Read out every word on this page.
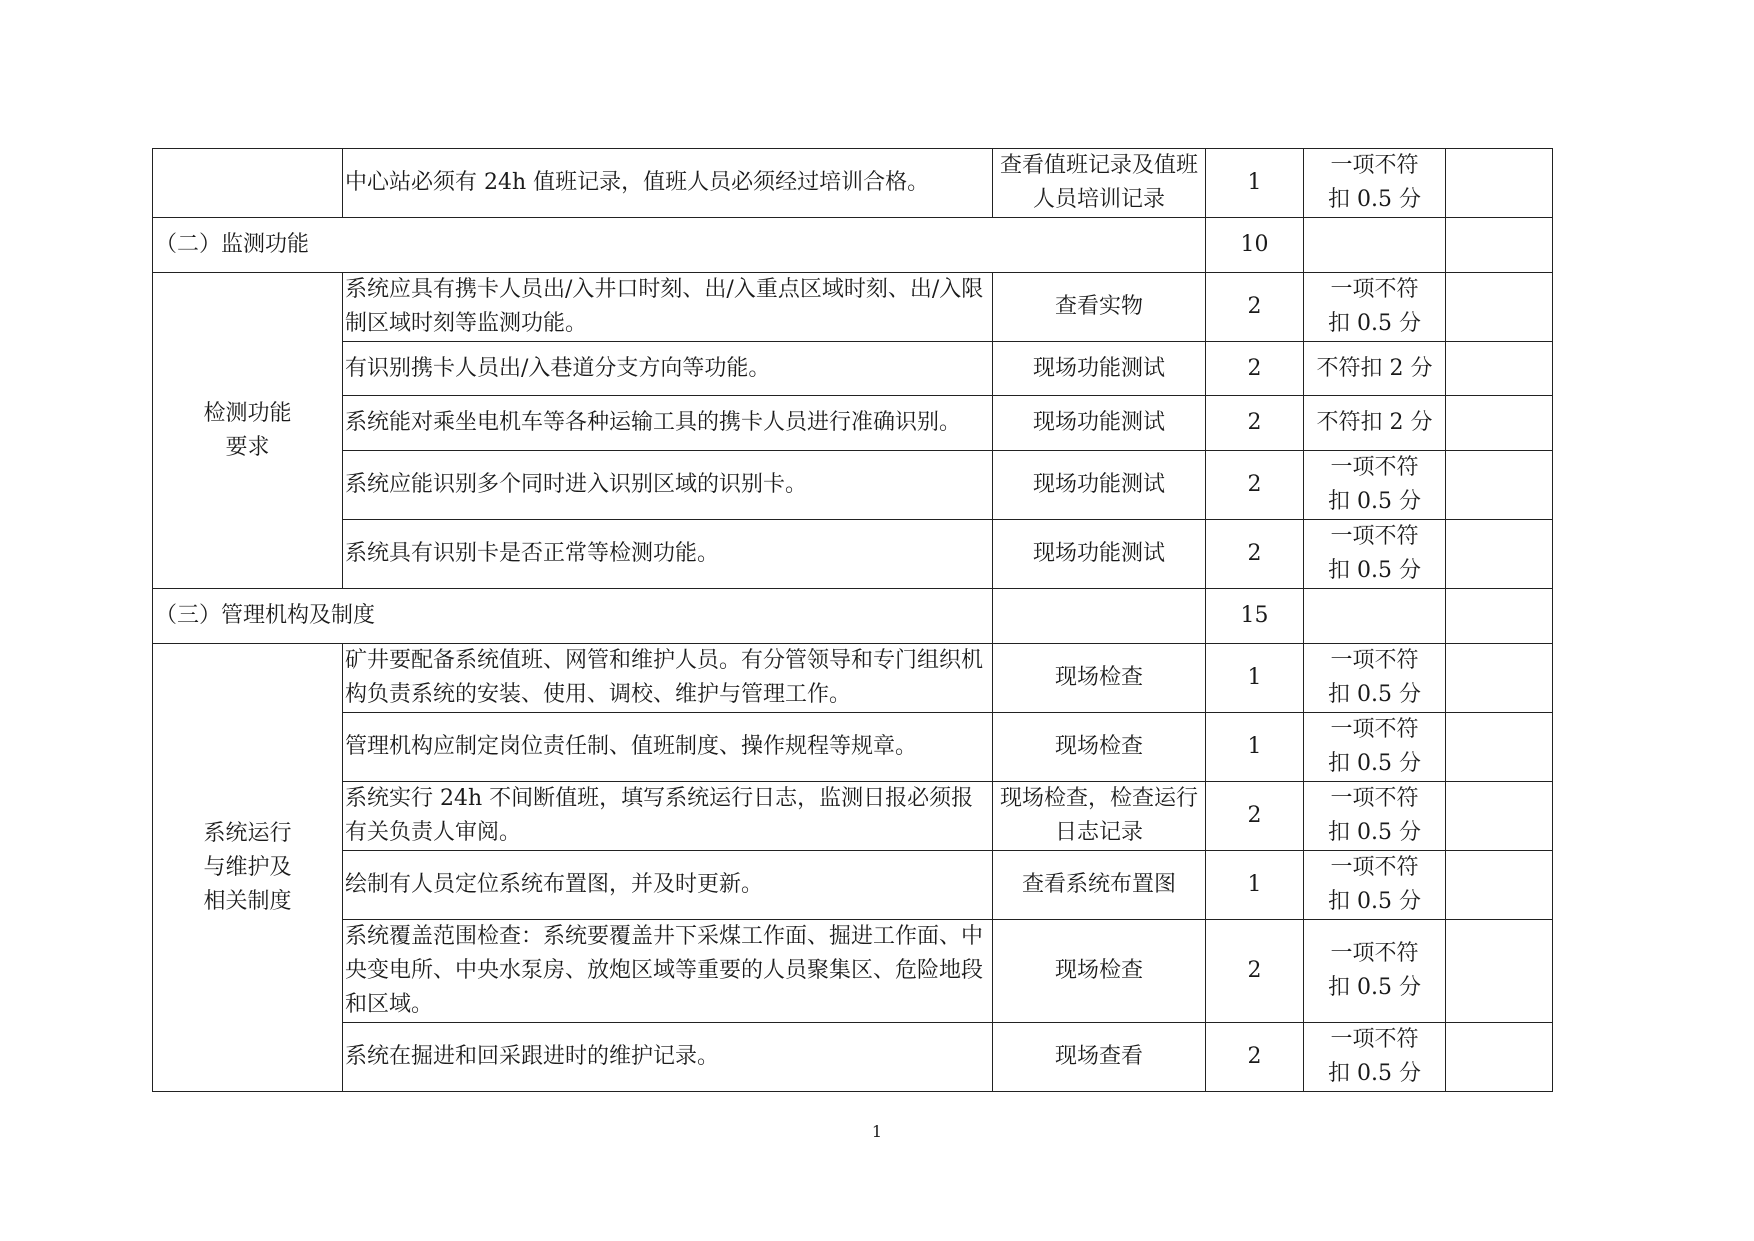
	中心站必须有 24h 值班记录，值班人员必须经过培训合格。	查看值班记录及值班
人员培训记录	1	一项不符
扣 0.5 分	
（二）监测功能			10		
检测功能
要求	系统应具有携卡人员出/入井口时刻、出/入重点区域时刻、出/入限制区域时刻等监测功能。	查看实物	2	一项不符
扣 0.5 分	
	有识别携卡人员出/入巷道分支方向等功能。	现场功能测试	2	不符扣 2 分	
	系统能对乘坐电机车等各种运输工具的携卡人员进行准确识别。	现场功能测试	2	不符扣 2 分	
	系统应能识别多个同时进入识别区域的识别卡。	现场功能测试	2	一项不符
扣 0.5 分	
	系统具有识别卡是否正常等检测功能。	现场功能测试	2	一项不符
扣 0.5 分	
（三）管理机构及制度			15		
系统运行
与维护及
相关制度	矿井要配备系统值班、网管和维护人员。有分管领导和专门组织机构负责系统的安装、使用、调校、维护与管理工作。	现场检查	1	一项不符
扣 0.5 分	
	管理机构应制定岗位责任制、值班制度、操作规程等规章。	现场检查	1	一项不符
扣 0.5 分	
	系统实行 24h 不间断值班，填写系统运行日志，监测日报必须报有关负责人审阅。	现场检查，检查运行
日志记录	2	一项不符
扣 0.5 分	
	绘制有人员定位系统布置图，并及时更新。	查看系统布置图	1	一项不符
扣 0.5 分	
	系统覆盖范围检查：系统要覆盖井下采煤工作面、掘进工作面、中央变电所、中央水泵房、放炮区域等重要的人员聚集区、危险地段和区域。	现场检查	2	一项不符
扣 0.5 分	
	系统在掘进和回采跟进时的维护记录。	现场查看	2	一项不符
扣 0.5 分	
1
